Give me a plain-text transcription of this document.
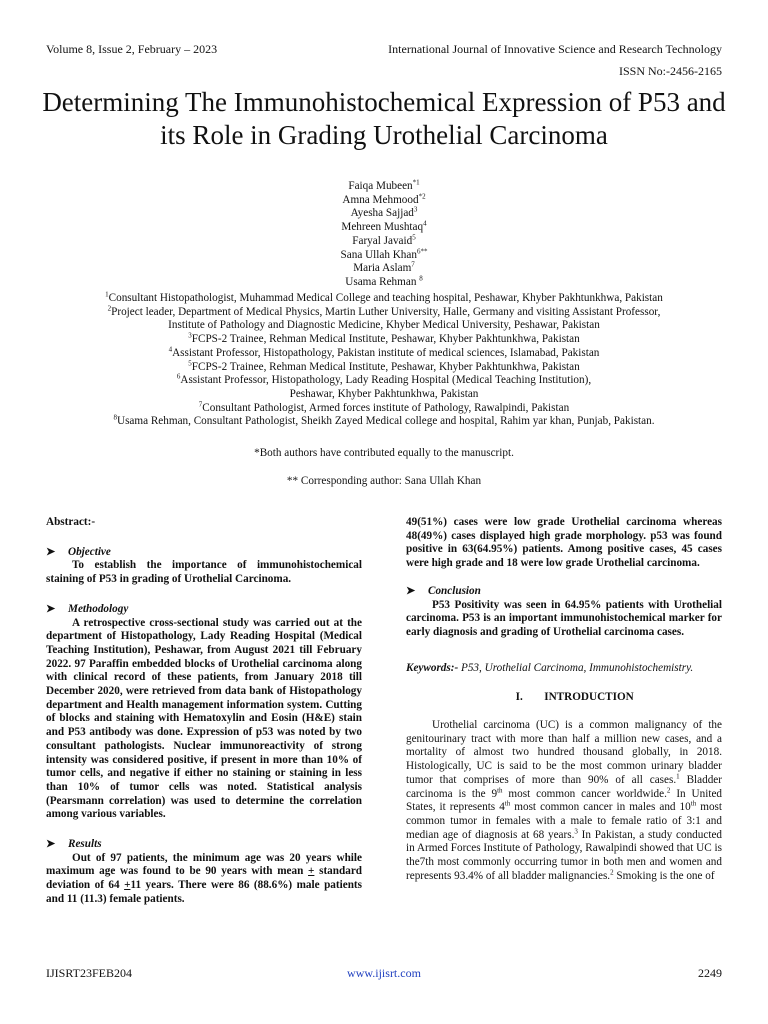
Volume 8, Issue 2, February – 2023	International Journal of Innovative Science and Research Technology
ISSN No:-2456-2165
Determining The Immunohistochemical Expression of P53 and its Role in Grading Urothelial Carcinoma
Faiqa Mubeen$^{*1}$
Amna Mehmood$^{*2}$
Ayesha Sajjad$^3$
Mehreen Mushtaq$^4$
Faryal Javaid$^5$
Sana Ullah Khan$^{6**}$
Maria Aslam$^7$
Usama Rehman $^8$
$^1$Consultant Histopathologist, Muhammad Medical College and teaching hospital, Peshawar, Khyber Pakhtunkhwa, Pakistan
$^2$Project leader, Department of Medical Physics, Martin Luther University, Halle, Germany and visiting Assistant Professor,
Institute of Pathology and Diagnostic Medicine, Khyber Medical University, Peshawar, Pakistan
$^3$FCPS-2 Trainee, Rehman Medical Institute, Peshawar, Khyber Pakhtunkhwa, Pakistan
$^4$Assistant Professor, Histopathology, Pakistan institute of medical sciences, Islamabad, Pakistan
$^5$FCPS-2 Trainee, Rehman Medical Institute, Peshawar, Khyber Pakhtunkhwa, Pakistan
$^6$Assistant Professor, Histopathology, Lady Reading Hospital (Medical Teaching Institution),
Peshawar, Khyber Pakhtunkhwa, Pakistan
$^7$Consultant Pathologist, Armed forces institute of Pathology, Rawalpindi, Pakistan
$^8$Usama Rehman, Consultant Pathologist, Sheikh Zayed Medical college and hospital, Rahim yar khan, Punjab, Pakistan.
*Both authors have contributed equally to the manuscript.
** Corresponding author: Sana Ullah Khan
Abstract:-
➤ Objective

To establish the importance of immunohistochemical staining of P53 in grading of Urothelial Carcinoma.

➤ Methodology

A retrospective cross-sectional study was carried out at the department of Histopathology, Lady Reading Hospital (Medical Teaching Institution), Peshawar, from August 2021 till February 2022. 97 Paraffin embedded blocks of Urothelial carcinoma along with clinical record of these patients, from January 2018 till December 2020, were retrieved from data bank of Histopathology department and Health management information system. Cutting of blocks and staining with Hematoxylin and Eosin (H&E) stain and P53 antibody was done. Expression of p53 was noted by two consultant pathologists. Nuclear immunoreactivity of strong intensity was considered positive, if present in more than 10% of tumor cells, and negative if either no staining or staining in less than 10% of tumor cells was noted. Statistical analysis (Pearsmann correlation) was used to determine the correlation among various variables.

➤ Results

Out of 97 patients, the minimum age was 20 years while maximum age was found to be 90 years with mean + standard deviation of 64 +11 years. There were 86 (88.6%) male patients and 11 (11.3) female patients.

49(51%) cases were low grade Urothelial carcinoma whereas 48(49%) cases displayed high grade morphology. p53 was found positive in 63(64.95%) patients. Among positive cases, 45 cases were high grade and 18 were low grade Urothelial carcinoma.

➤ Conclusion

P53 Positivity was seen in 64.95% patients with Urothelial carcinoma. P53 is an important immunohistochemical marker for early diagnosis and grading of Urothelial carcinoma cases.

Keywords:- P53, Urothelial Carcinoma, Immunohistochemistry.

I. INTRODUCTION

Urothelial carcinoma (UC) is a common malignancy of the genitourinary tract with more than half a million new cases, and a mortality of almost two hundred thousand globally, in 2018. Histologically, UC is said to be the most common urinary bladder tumor that comprises of more than 90% of all cases.$^1$ Bladder carcinoma is the 9th most common cancer worldwide.$^2$ In United States, it represents 4th most common cancer in males and 10th most common tumor in females with a male to female ratio of 3:1 and median age of diagnosis at 68 years.$^3$ In Pakistan, a study conducted in Armed Forces Institute of Pathology, Rawalpindi showed that UC is the7th most commonly occurring tumor in both men and women and represents 93.4% of all bladder malignancies.$^2$ Smoking is the one of

IJISRT23FEB204	www.ijisrt.com	2249
